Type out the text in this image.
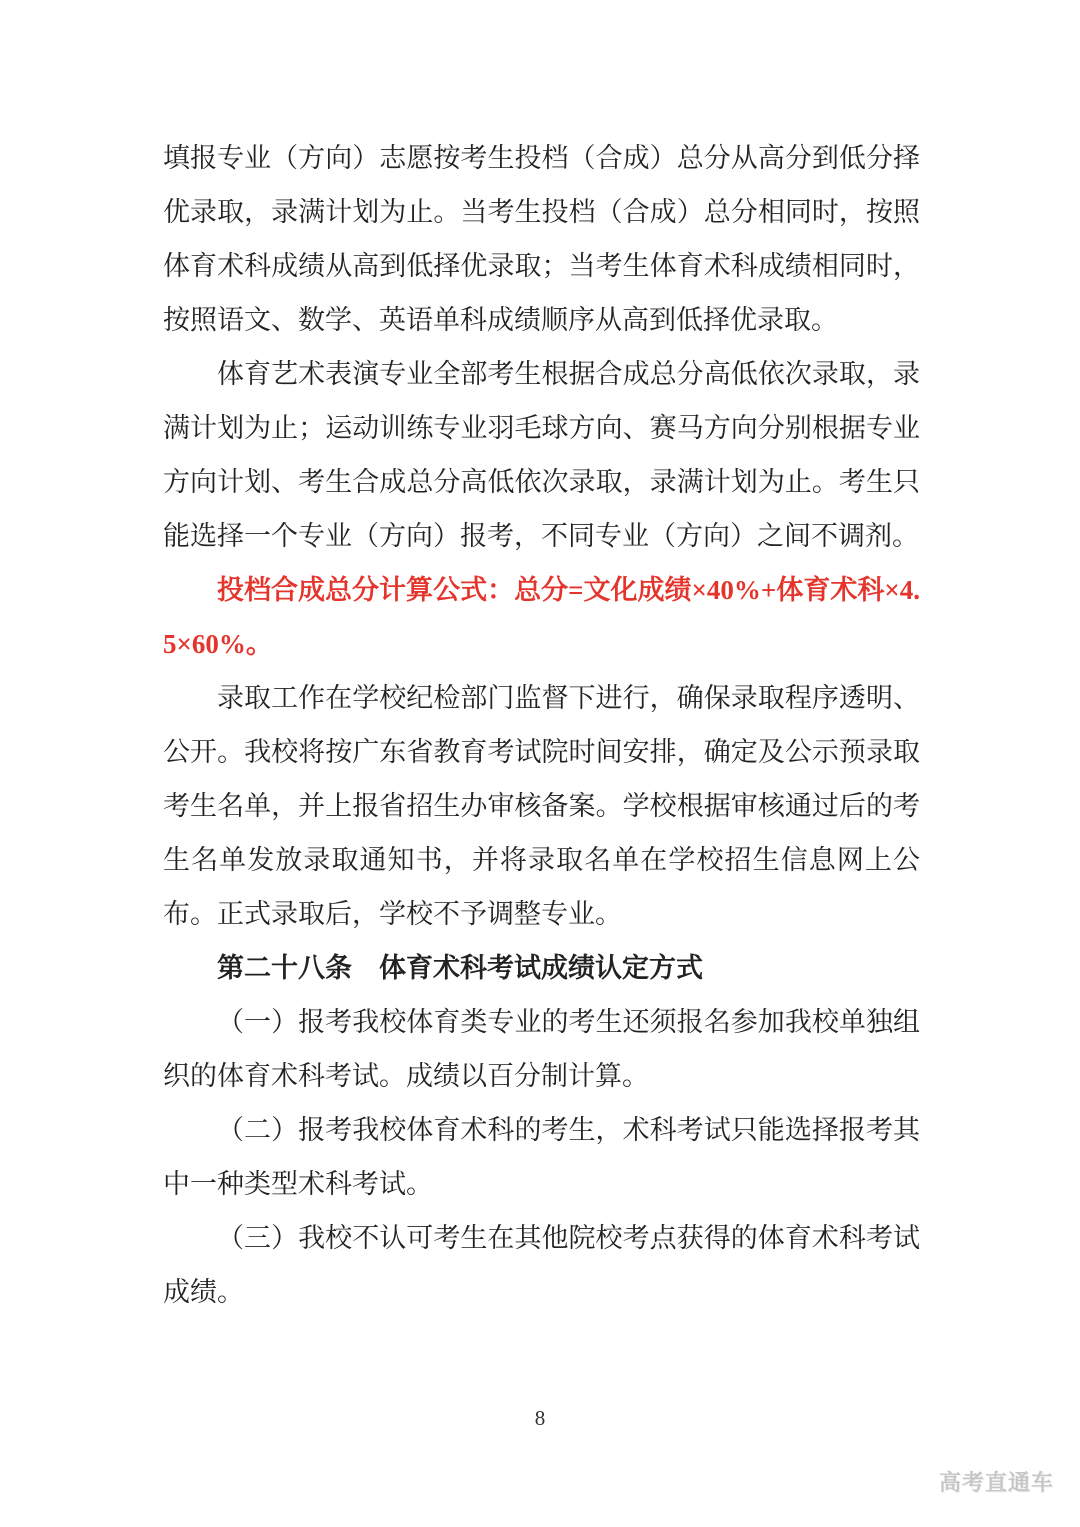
填报专业（方向）志愿按考生投档（合成）总分从高分到低分择优录取，录满计划为止。当考生投档（合成）总分相同时，按照体育术科成绩从高到低择优录取；当考生体育术科成绩相同时，按照语文、数学、英语单科成绩顺序从高到低择优录取。

体育艺术表演专业全部考生根据合成总分高低依次录取，录满计划为止；运动训练专业羽毛球方向、赛马方向分别根据专业方向计划、考生合成总分高低依次录取，录满计划为止。考生只能选择一个专业（方向）报考，不同专业（方向）之间不调剂。

投档合成总分计算公式：总分=文化成绩×40%+体育术科×4.5×60%。

录取工作在学校纪检部门监督下进行，确保录取程序透明、公开。我校将按广东省教育考试院时间安排，确定及公示预录取考生名单，并上报省招生办审核备案。学校根据审核通过后的考生名单发放录取通知书，并将录取名单在学校招生信息网上公布。正式录取后，学校不予调整专业。

第二十八条 体育术科考试成绩认定方式

（一）报考我校体育类专业的考生还须报名参加我校单独组织的体育术科考试。成绩以百分制计算。

（二）报考我校体育术科的考生，术科考试只能选择报考其中一种类型术科考试。

（三）我校不认可考生在其他院校考点获得的体育术科考试成绩。

8
高考直通车
